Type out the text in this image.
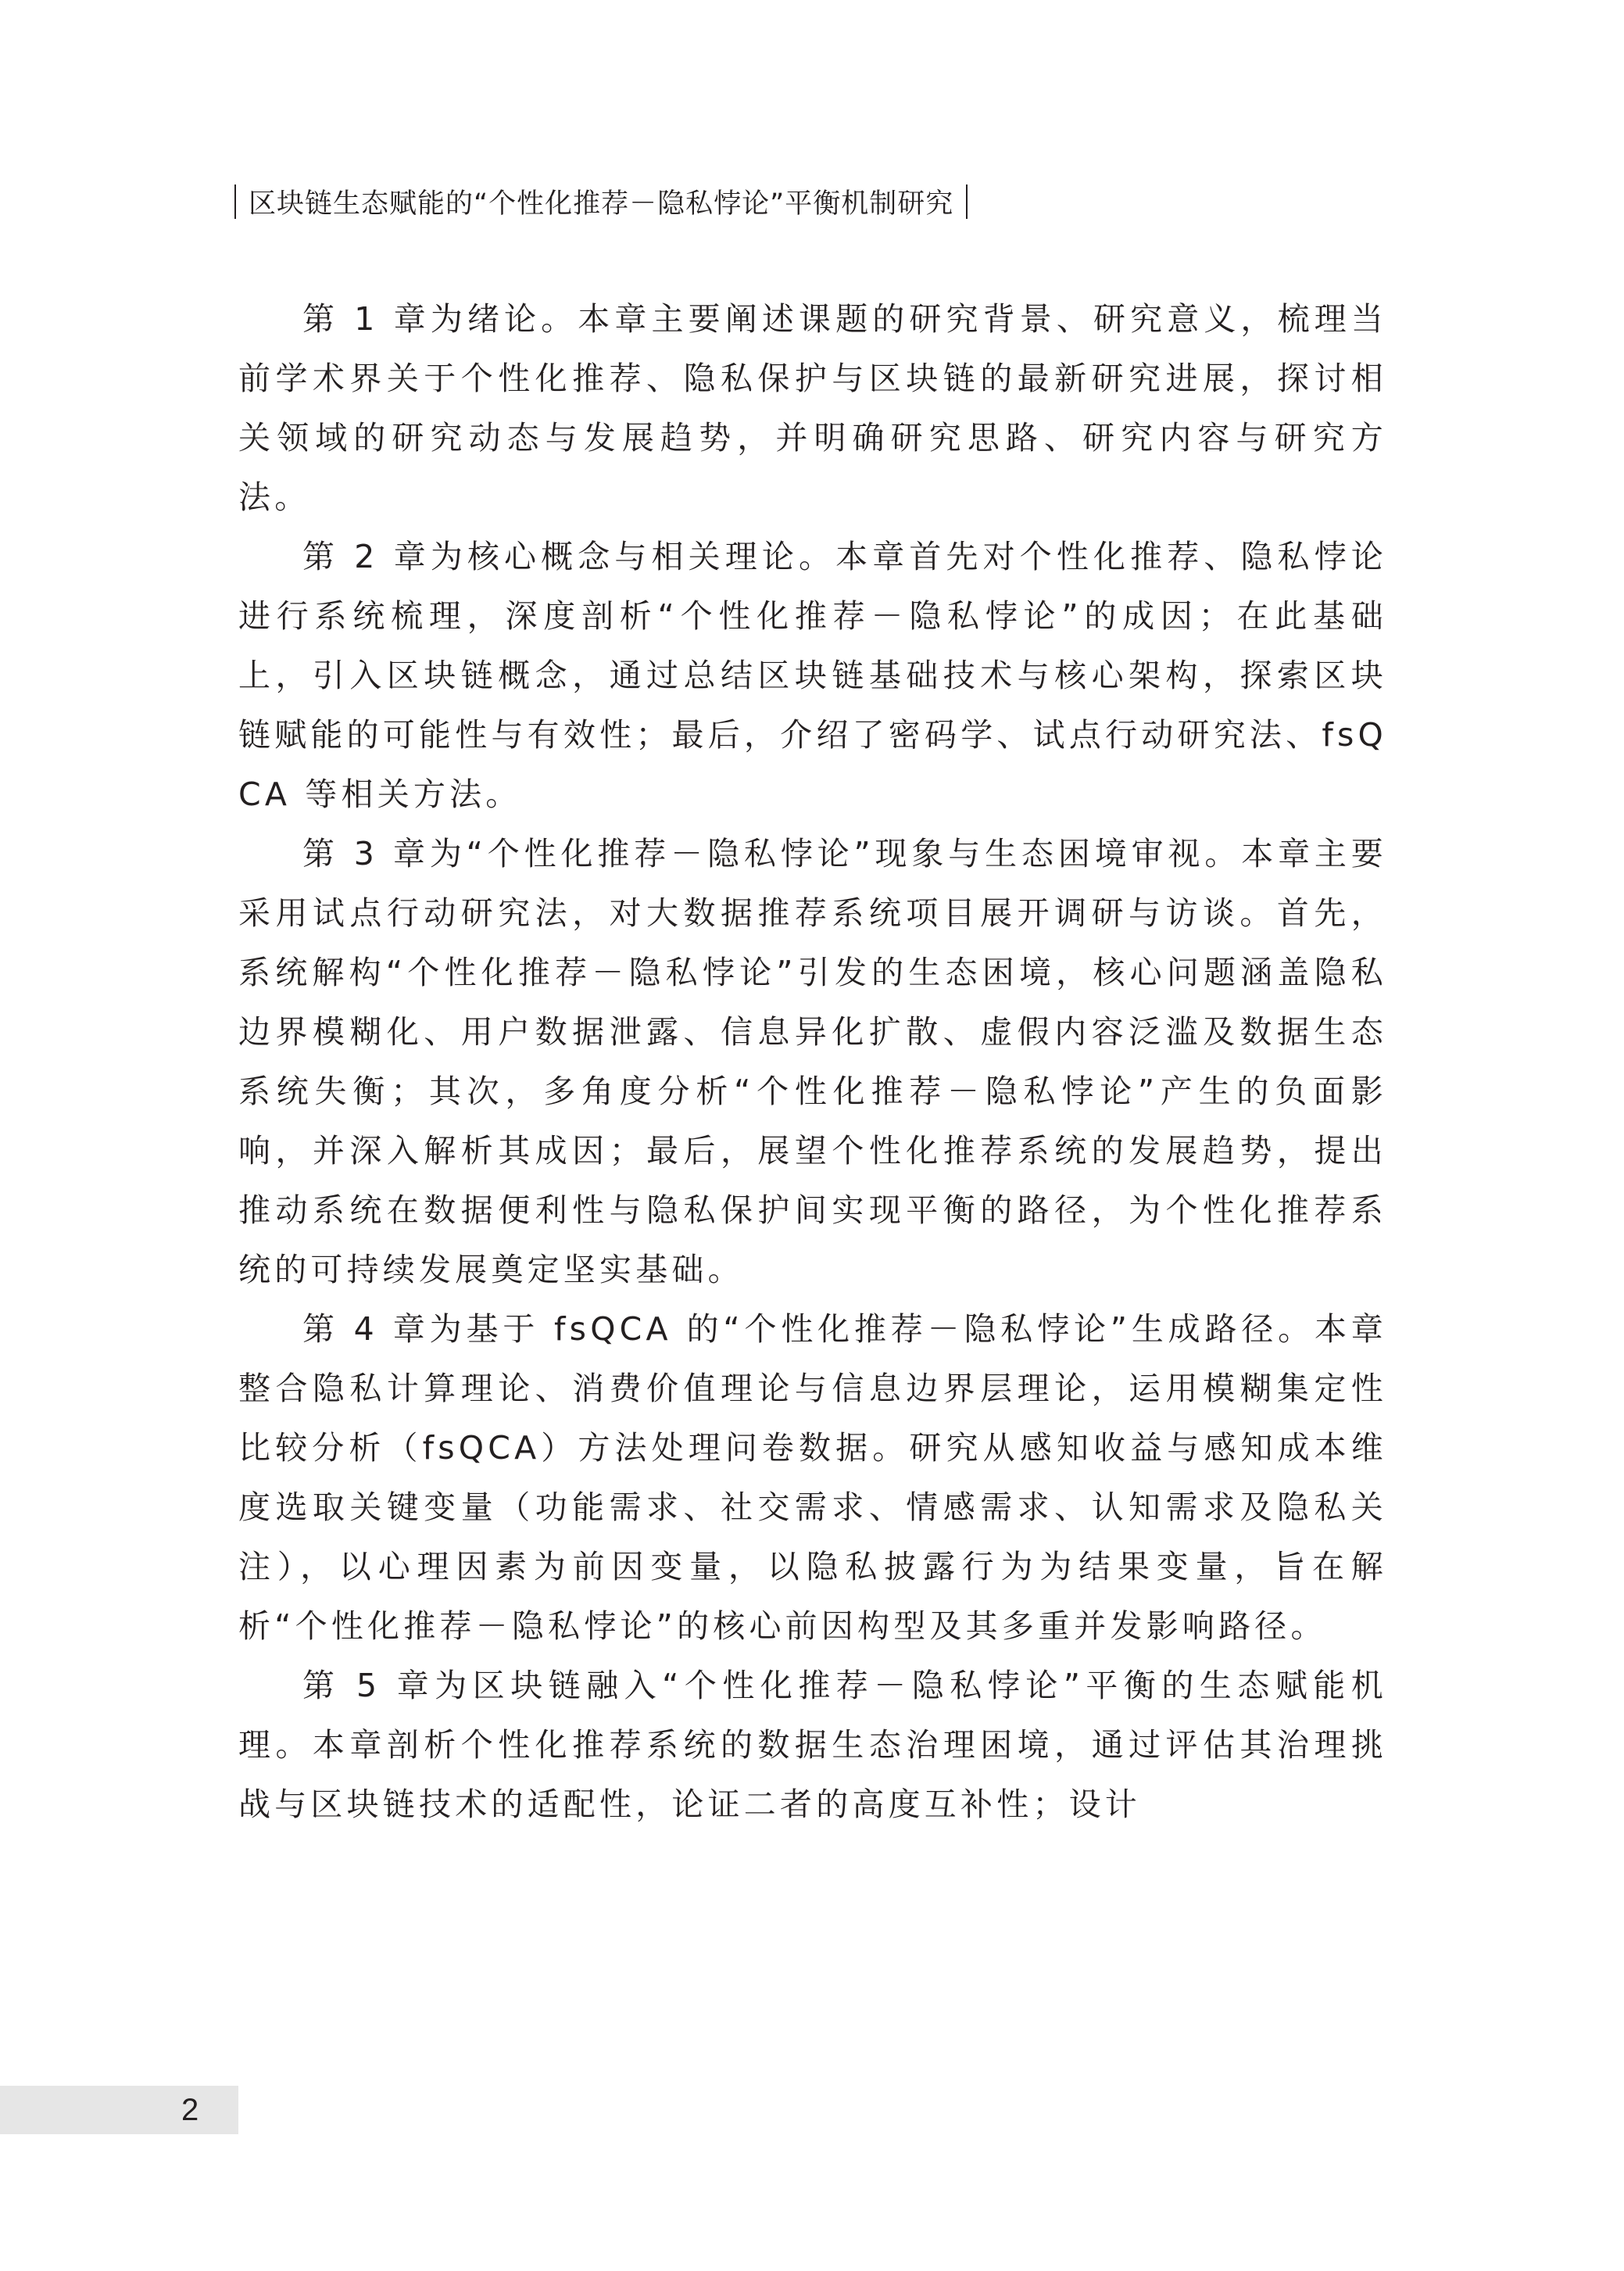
区块链生态赋能的“个性化推荐－隐私悖论”平衡机制研究

第 1 章为绪论。本章主要阐述课题的研究背景、研究意义，梳理当前学术界关于个性化推荐、隐私保护与区块链的最新研究进展，探讨相关领域的研究动态与发展趋势，并明确研究思路、研究内容与研究方法。

第 2 章为核心概念与相关理论。本章首先对个性化推荐、隐私悖论进行系统梳理，深度剖析“个性化推荐－隐私悖论”的成因；在此基础上，引入区块链概念，通过总结区块链基础技术与核心架构，探索区块链赋能的可能性与有效性；最后，介绍了密码学、试点行动研究法、fsQCA 等相关方法。

第 3 章为“个性化推荐－隐私悖论”现象与生态困境审视。本章主要采用试点行动研究法，对大数据推荐系统项目展开调研与访谈。首先，系统解构“个性化推荐－隐私悖论”引发的生态困境，核心问题涵盖隐私边界模糊化、用户数据泄露、信息异化扩散、虚假内容泛滥及数据生态系统失衡；其次，多角度分析“个性化推荐－隐私悖论”产生的负面影响，并深入解析其成因；最后，展望个性化推荐系统的发展趋势，提出推动系统在数据便利性与隐私保护间实现平衡的路径，为个性化推荐系统的可持续发展奠定坚实基础。

第 4 章为基于 fsQCA 的“个性化推荐－隐私悖论”生成路径。本章整合隐私计算理论、消费价值理论与信息边界层理论，运用模糊集定性比较分析（fsQCA）方法处理问卷数据。研究从感知收益与感知成本维度选取关键变量（功能需求、社交需求、情感需求、认知需求及隐私关注），以心理因素为前因变量，以隐私披露行为为结果变量，旨在解析“个性化推荐－隐私悖论”的核心前因构型及其多重并发影响路径。

第 5 章为区块链融入“个性化推荐－隐私悖论”平衡的生态赋能机理。本章剖析个性化推荐系统的数据生态治理困境，通过评估其治理挑战与区块链技术的适配性，论证二者的高度互补性；设计

2
